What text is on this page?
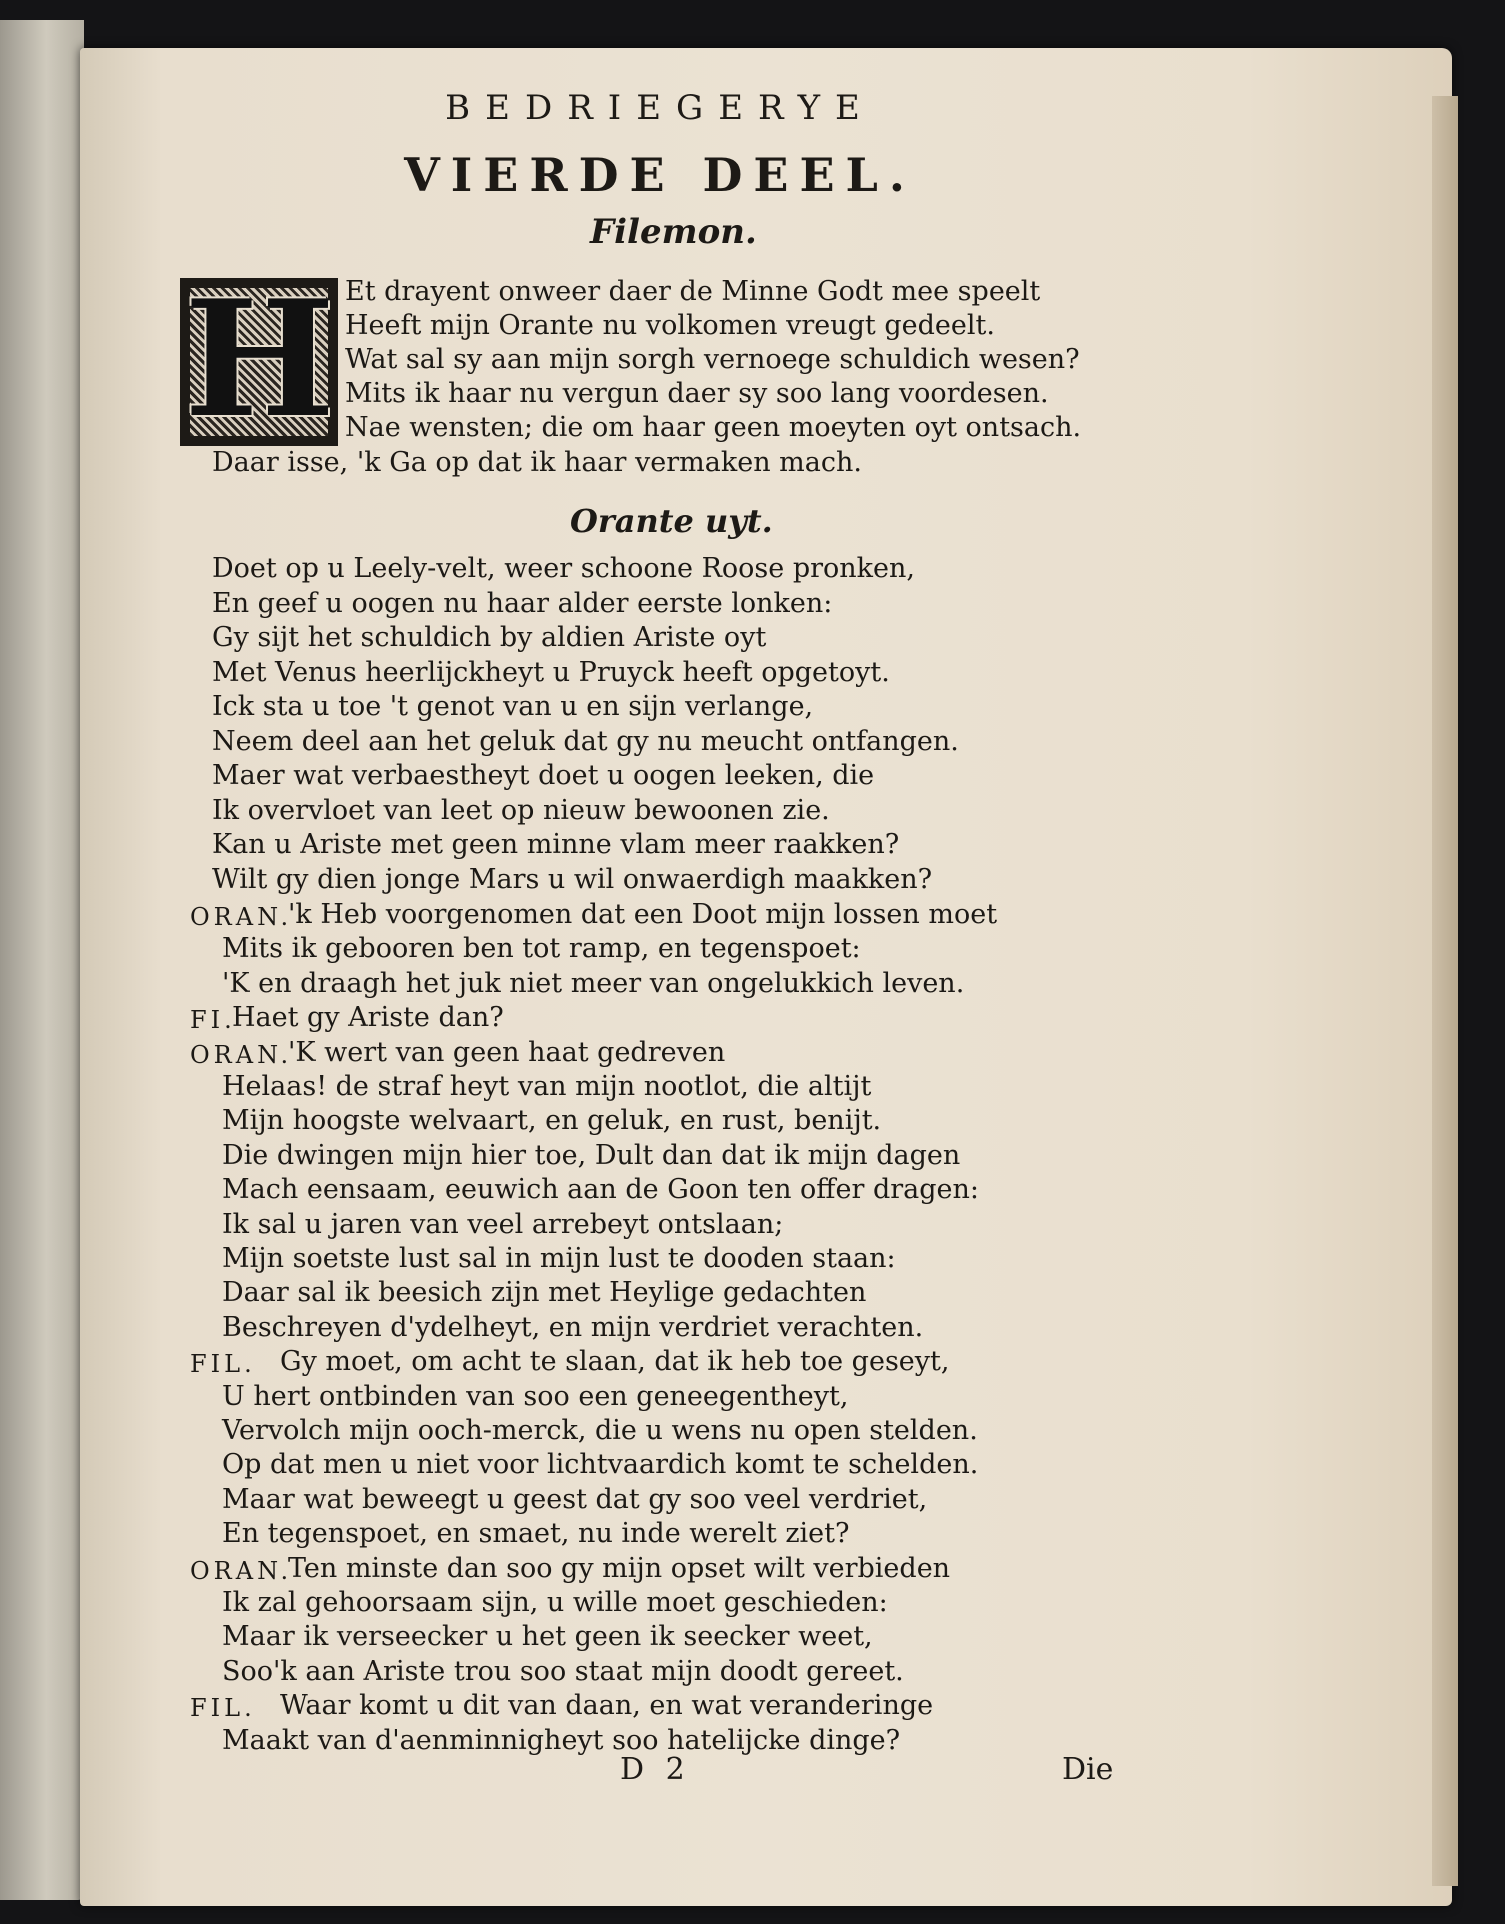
BEDRIEGERYE
VIERDE DEEL.
Filemon.
H Et drayent onweer daer de Minne Godt mee speelt
Heeft mijn Orante nu volkomen vreugt gedeelt.
Wat sal sy aan mijn sorgh vernoege schuldich wesen?
Mits ik haar nu vergun daer sy soo lang voordesen.
Nae wensten; die om haar geen moeyten oyt ontsach.
Daar isse, 'k Ga op dat ik haar vermaken mach.
Orante uyt.
Doet op u Leely-velt, weer schoone Roose pronken,
En geef u oogen nu haar alder eerste lonken:
Gy sijt het schuldich by aldien Ariste oyt
Met Venus heerlijckheyt u Pruyck heeft opgetoyt.
Ick sta u toe 't genot van u en sijn verlange,
Neem deel aan het geluk dat gy nu meucht ontfangen.
Maer wat verbaestheyt doet u oogen leeken, die
Ik overvloet van leet op nieuw bewoonen zie.
Kan u Ariste met geen minne vlam meer raakken?
Wilt gy dien jonge Mars u wil onwaerdigh maakken?
ORAN.
'k Heb voorgenomen dat een Doot mijn lossen moet
Mits ik gebooren ben tot ramp, en tegenspoet:
'K en draagh het juk niet meer van ongelukkich leven.
FI.
Haet gy Ariste dan?
ORAN.
'K wert van geen haat gedreven
Helaas! de straf heyt van mijn nootlot, die altijt
Mijn hoogste welvaart, en geluk, en rust, benijt.
Die dwingen mijn hier toe, Dult dan dat ik mijn dagen
Mach eensaam, eeuwich aan de Goon ten offer dragen:
Ik sal u jaren van veel arrebeyt ontslaan;
Mijn soetste lust sal in mijn lust te dooden staan:
Daar sal ik beesich zijn met Heylige gedachten
Beschreyen d'ydelheyt, en mijn verdriet verachten.
FIL. Gy moet, om acht te slaan, dat ik heb toe geseyt,
U hert ontbinden van soo een geneegentheyt,
Vervolch mijn ooch-merck, die u wens nu open stelden.
Op dat men u niet voor lichtvaardich komt te schelden.
Maar wat beweegt u geest dat gy soo veel verdriet,
En tegenspoet, en smaet, nu inde werelt ziet?
ORAN.
Ten minste dan soo gy mijn opset wilt verbieden
Ik zal gehoorsaam sijn, u wille moet geschieden:
Maar ik verseecker u het geen ik seecker weet,
Soo'k aan Ariste trou soo staat mijn doodt gereet.
FIL. Waar komt u dit van daan, en wat veranderinge
Maakt van d'aenminnigheyt soo hatelijcke dinge?
D 2	Die
